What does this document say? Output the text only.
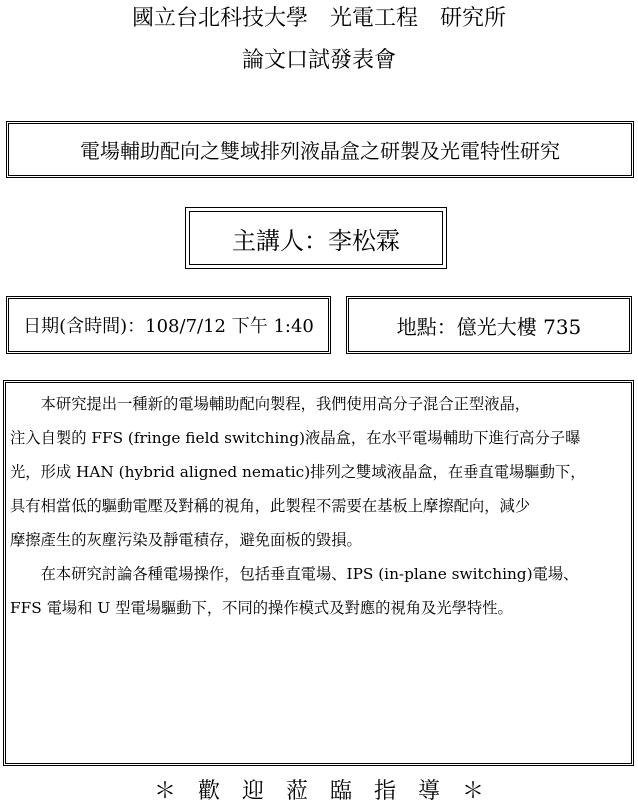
國立台北科技大學　光電工程　研究所
論文口試發表會
電場輔助配向之雙域排列液晶盒之研製及光電特性研究
主講人：李松霖
日期(含時間)：108/7/12 下午 1:40	地點：億光大樓 735
　　本研究提出一種新的電場輔助配向製程，我們使用高分子混合正型液晶，
注入自製的 FFS (fringe field switching)液晶盒，在水平電場輔助下進行高分子曝
光，形成 HAN (hybrid aligned nematic)排列之雙域液晶盒，在垂直電場驅動下，
具有相當低的驅動電壓及對稱的視角，此製程不需要在基板上摩擦配向，減少
摩擦產生的灰塵污染及靜電積存，避免面板的毀損。
　　在本研究討論各種電場操作，包括垂直電場、IPS (in-plane switching)電場、
FFS 電場和 U 型電場驅動下，不同的操作模式及對應的視角及光學特性。
＊　歡　迎　蒞　臨　指　導　＊
